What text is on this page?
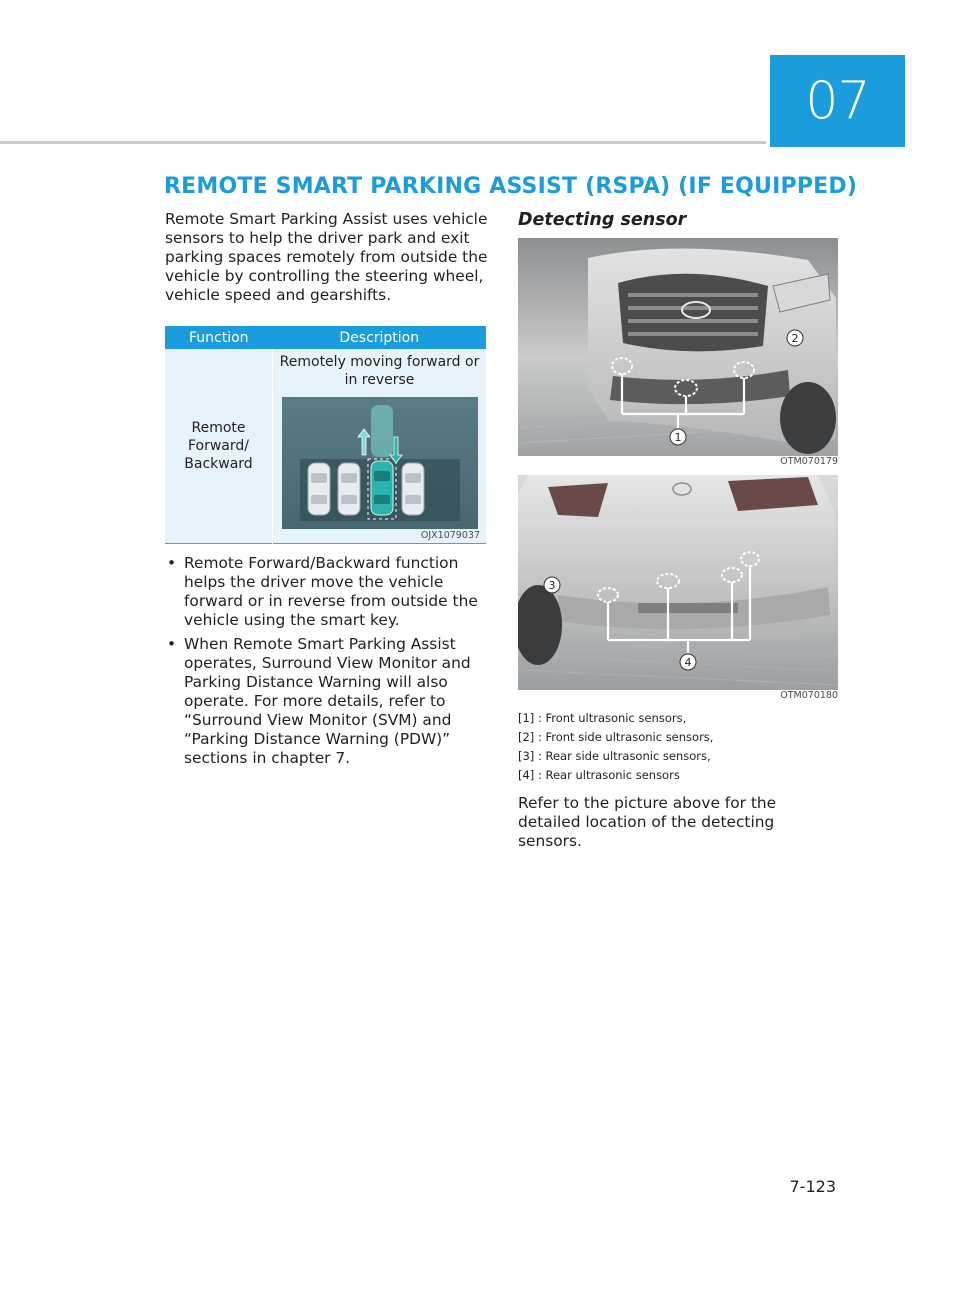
07
REMOTE SMART PARKING ASSIST (RSPA) (IF EQUIPPED)

Remote Smart Parking Assist uses vehicle sensors to help the driver park and exit parking spaces remotely from outside the vehicle by controlling the steering wheel, vehicle speed and gearshifts.

Function	Description
Remote Forward/ Backward	Remotely moving forward or in reverse
OJX1079037
• Remote Forward/Backward function helps the driver move the vehicle forward or in reverse from outside the vehicle using the smart key.
• When Remote Smart Parking Assist operates, Surround View Monitor and Parking Distance Warning will also operate. For more details, refer to “Surround View Monitor (SVM) and “Parking Distance Warning (PDW)” sections in chapter 7.

Detecting sensor

1
2
OTM070179
4
3
OTM070180
[1] : Front ultrasonic sensors,
[2] : Front side ultrasonic sensors,
[3] : Rear side ultrasonic sensors,
[4] : Rear ultrasonic sensors

Refer to the picture above for the detailed location of the detecting sensors.

7-123
